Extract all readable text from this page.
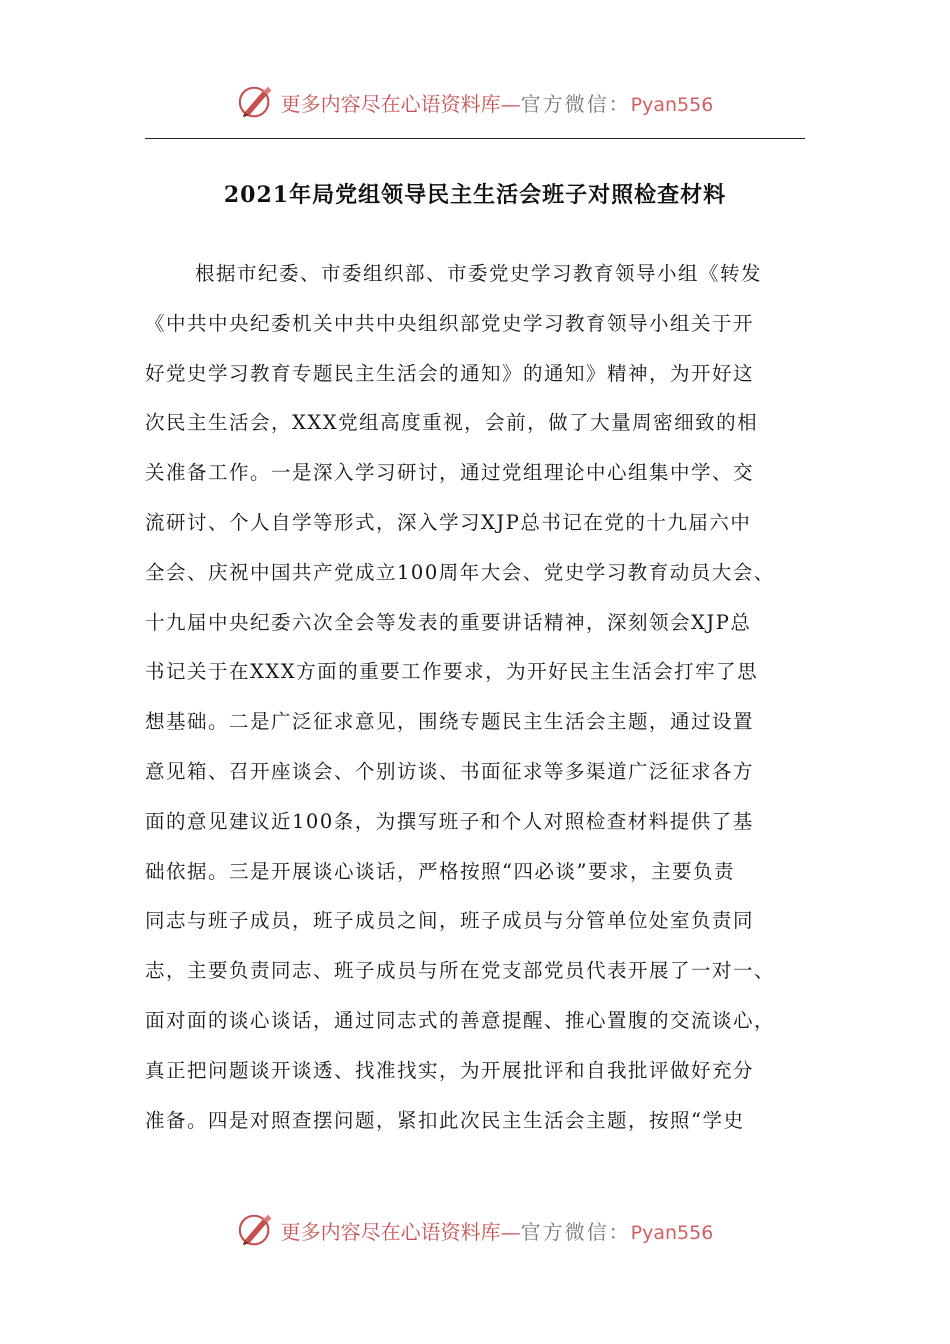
更多内容尽在心语资料库—官方微信：Pyan556
2021年局党组领导民主生活会班子对照检查材料
根据市纪委、市委组织部、市委党史学习教育领导小组《转发
《中共中央纪委机关中共中央组织部党史学习教育领导小组关于开
好党史学习教育专题民主生活会的通知》的通知》精神，为开好这
次民主生活会，XXX党组高度重视，会前，做了大量周密细致的相
关准备工作。一是深入学习研讨，通过党组理论中心组集中学、交
流研讨、个人自学等形式，深入学习XJP总书记在党的十九届六中
全会、庆祝中国共产党成立100周年大会、党史学习教育动员大会、
十九届中央纪委六次全会等发表的重要讲话精神，深刻领会XJP总
书记关于在XXX方面的重要工作要求，为开好民主生活会打牢了思
想基础。二是广泛征求意见，围绕专题民主生活会主题，通过设置
意见箱、召开座谈会、个别访谈、书面征求等多渠道广泛征求各方
面的意见建议近100条，为撰写班子和个人对照检查材料提供了基
础依据。三是开展谈心谈话，严格按照“四必谈”要求，主要负责
同志与班子成员，班子成员之间，班子成员与分管单位处室负责同
志，主要负责同志、班子成员与所在党支部党员代表开展了一对一、
面对面的谈心谈话，通过同志式的善意提醒、推心置腹的交流谈心，
真正把问题谈开谈透、找准找实，为开展批评和自我批评做好充分
准备。四是对照查摆问题，紧扣此次民主生活会主题，按照“学史
更多内容尽在心语资料库—官方微信：Pyan556
